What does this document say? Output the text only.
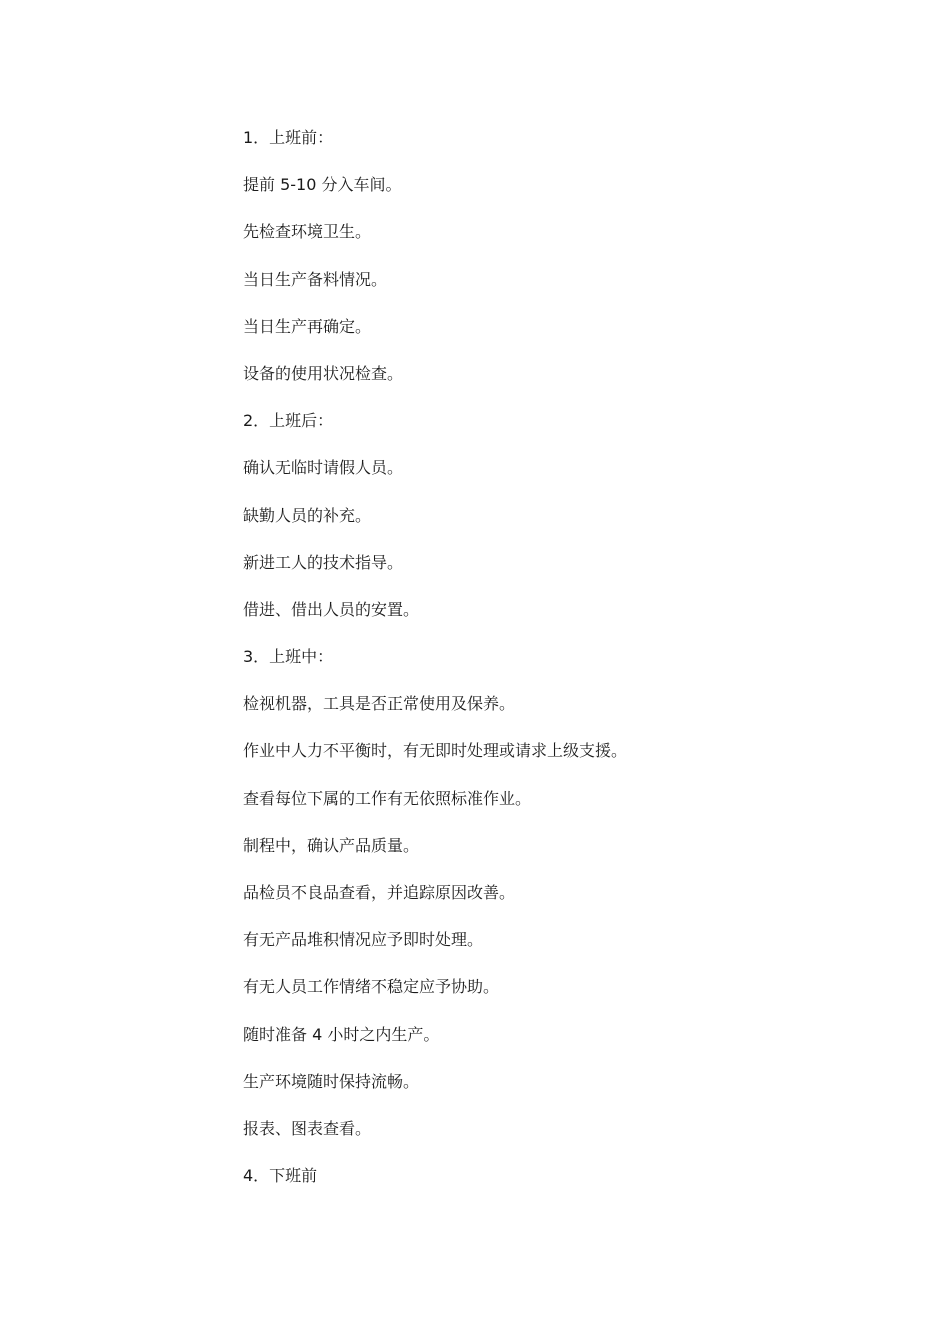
1．上班前：
提前 5-10 分入车间。
先检查环境卫生。
当日生产备料情况。
当日生产再确定。
设备的使用状况检查。
2．上班后：
确认无临时请假人员。
缺勤人员的补充。
新进工人的技术指导。
借进、借出人员的安置。
3．上班中：
检视机器，工具是否正常使用及保养。
作业中人力不平衡时，有无即时处理或请求上级支援。
查看每位下属的工作有无依照标准作业。
制程中，确认产品质量。
品检员不良品查看，并追踪原因改善。
有无产品堆积情况应予即时处理。
有无人员工作情绪不稳定应予协助。
随时准备 4 小时之内生产。
生产环境随时保持流畅。
报表、图表查看。
4．下班前
